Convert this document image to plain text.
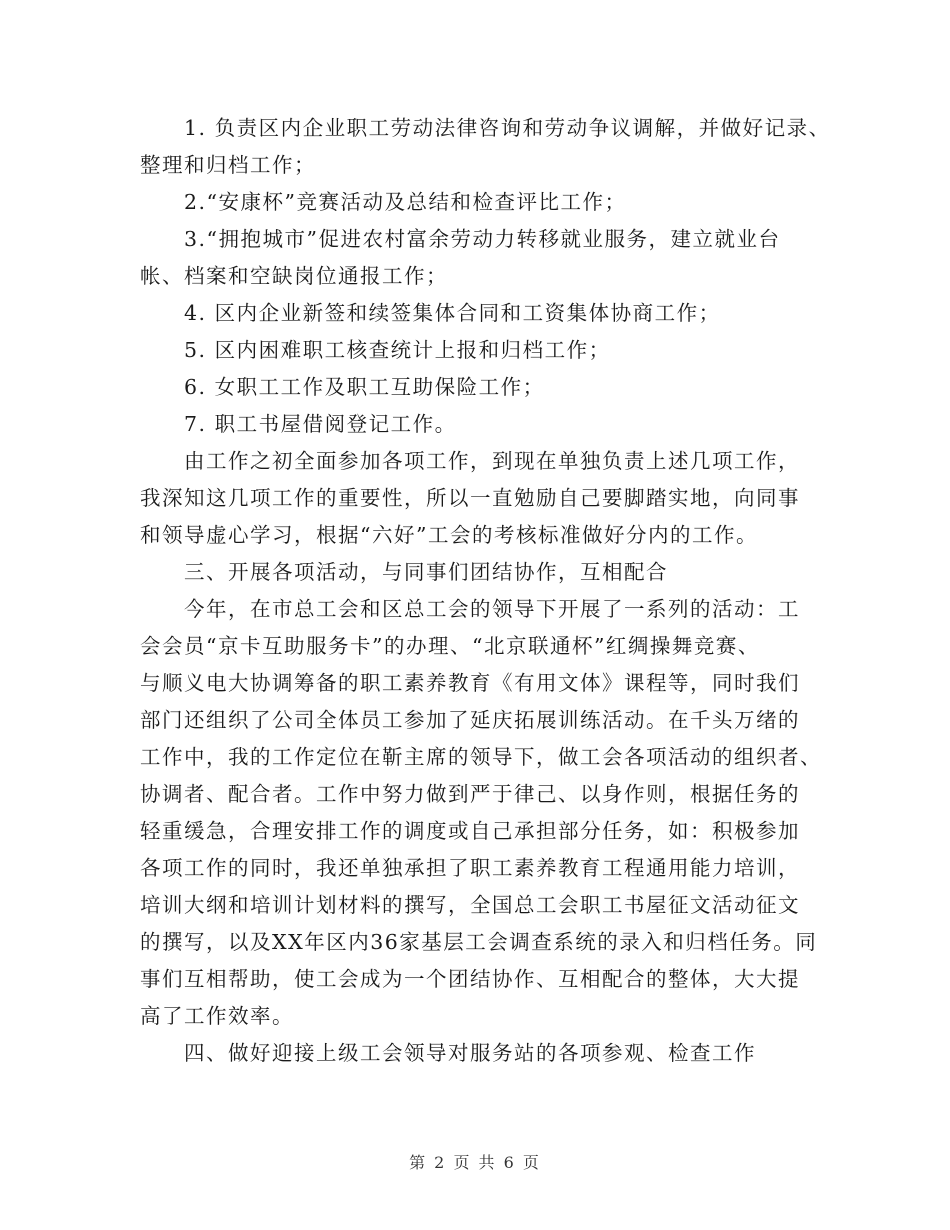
　　1. 负责区内企业职工劳动法律咨询和劳动争议调解，并做好记录、
整理和归档工作；
　　2.“安康杯”竞赛活动及总结和检查评比工作；
　　3.“拥抱城市”促进农村富余劳动力转移就业服务，建立就业台
帐、档案和空缺岗位通报工作；
　　4. 区内企业新签和续签集体合同和工资集体协商工作；
　　5. 区内困难职工核查统计上报和归档工作；
　　6. 女职工工作及职工互助保险工作；
　　7. 职工书屋借阅登记工作。
　　由工作之初全面参加各项工作，到现在单独负责上述几项工作，
我深知这几项工作的重要性，所以一直勉励自己要脚踏实地，向同事
和领导虚心学习，根据“六好”工会的考核标准做好分内的工作。
　　三、开展各项活动，与同事们团结协作，互相配合
　　今年，在市总工会和区总工会的领导下开展了一系列的活动：工
会会员“京卡互助服务卡”的办理、“北京联通杯”红绸操舞竞赛、
与顺义电大协调筹备的职工素养教育《有用文体》课程等，同时我们
部门还组织了公司全体员工参加了延庆拓展训练活动。在千头万绪的
工作中，我的工作定位在靳主席的领导下，做工会各项活动的组织者、
协调者、配合者。工作中努力做到严于律己、以身作则，根据任务的
轻重缓急，合理安排工作的调度或自己承担部分任务，如：积极参加
各项工作的同时，我还单独承担了职工素养教育工程通用能力培训，
培训大纲和培训计划材料的撰写，全国总工会职工书屋征文活动征文
的撰写，以及XX年区内36家基层工会调查系统的录入和归档任务。同
事们互相帮助，使工会成为一个团结协作、互相配合的整体，大大提
高了工作效率。
　　四、做好迎接上级工会领导对服务站的各项参观、检查工作
第 2 页 共 6 页
